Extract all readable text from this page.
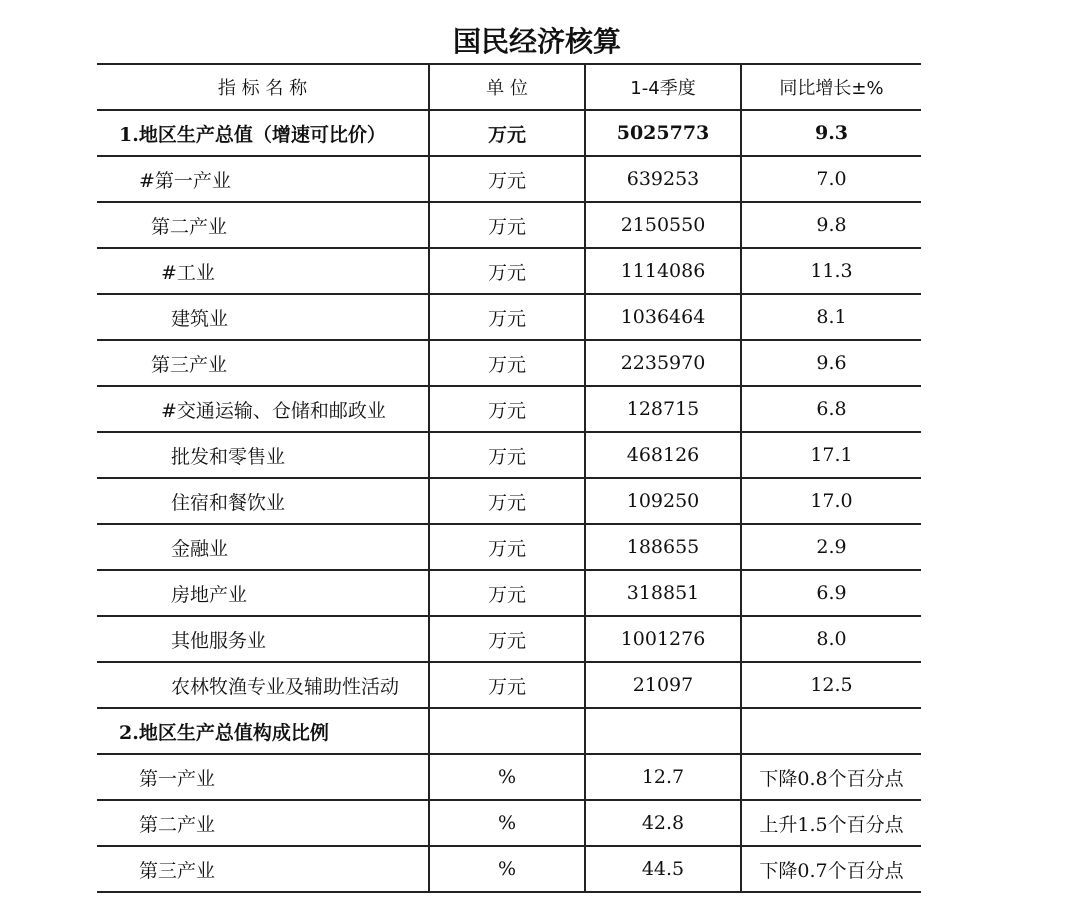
国民经济核算
指 标 名 称	单 位	1-4季度	同比增长±%
1.地区生产总值（增速可比价）	万元	5025773	9.3
#第一产业	万元	639253	7.0
第二产业	万元	2150550	9.8
#工业	万元	1114086	11.3
建筑业	万元	1036464	8.1
第三产业	万元	2235970	9.6
#交通运输、仓储和邮政业	万元	128715	6.8
批发和零售业	万元	468126	17.1
住宿和餐饮业	万元	109250	17.0
金融业	万元	188655	2.9
房地产业	万元	318851	6.9
其他服务业	万元	1001276	8.0
农林牧渔专业及辅助性活动	万元	21097	12.5
2.地区生产总值构成比例			
第一产业	%	12.7	下降0.8个百分点
第二产业	%	42.8	上升1.5个百分点
第三产业	%	44.5	下降0.7个百分点
